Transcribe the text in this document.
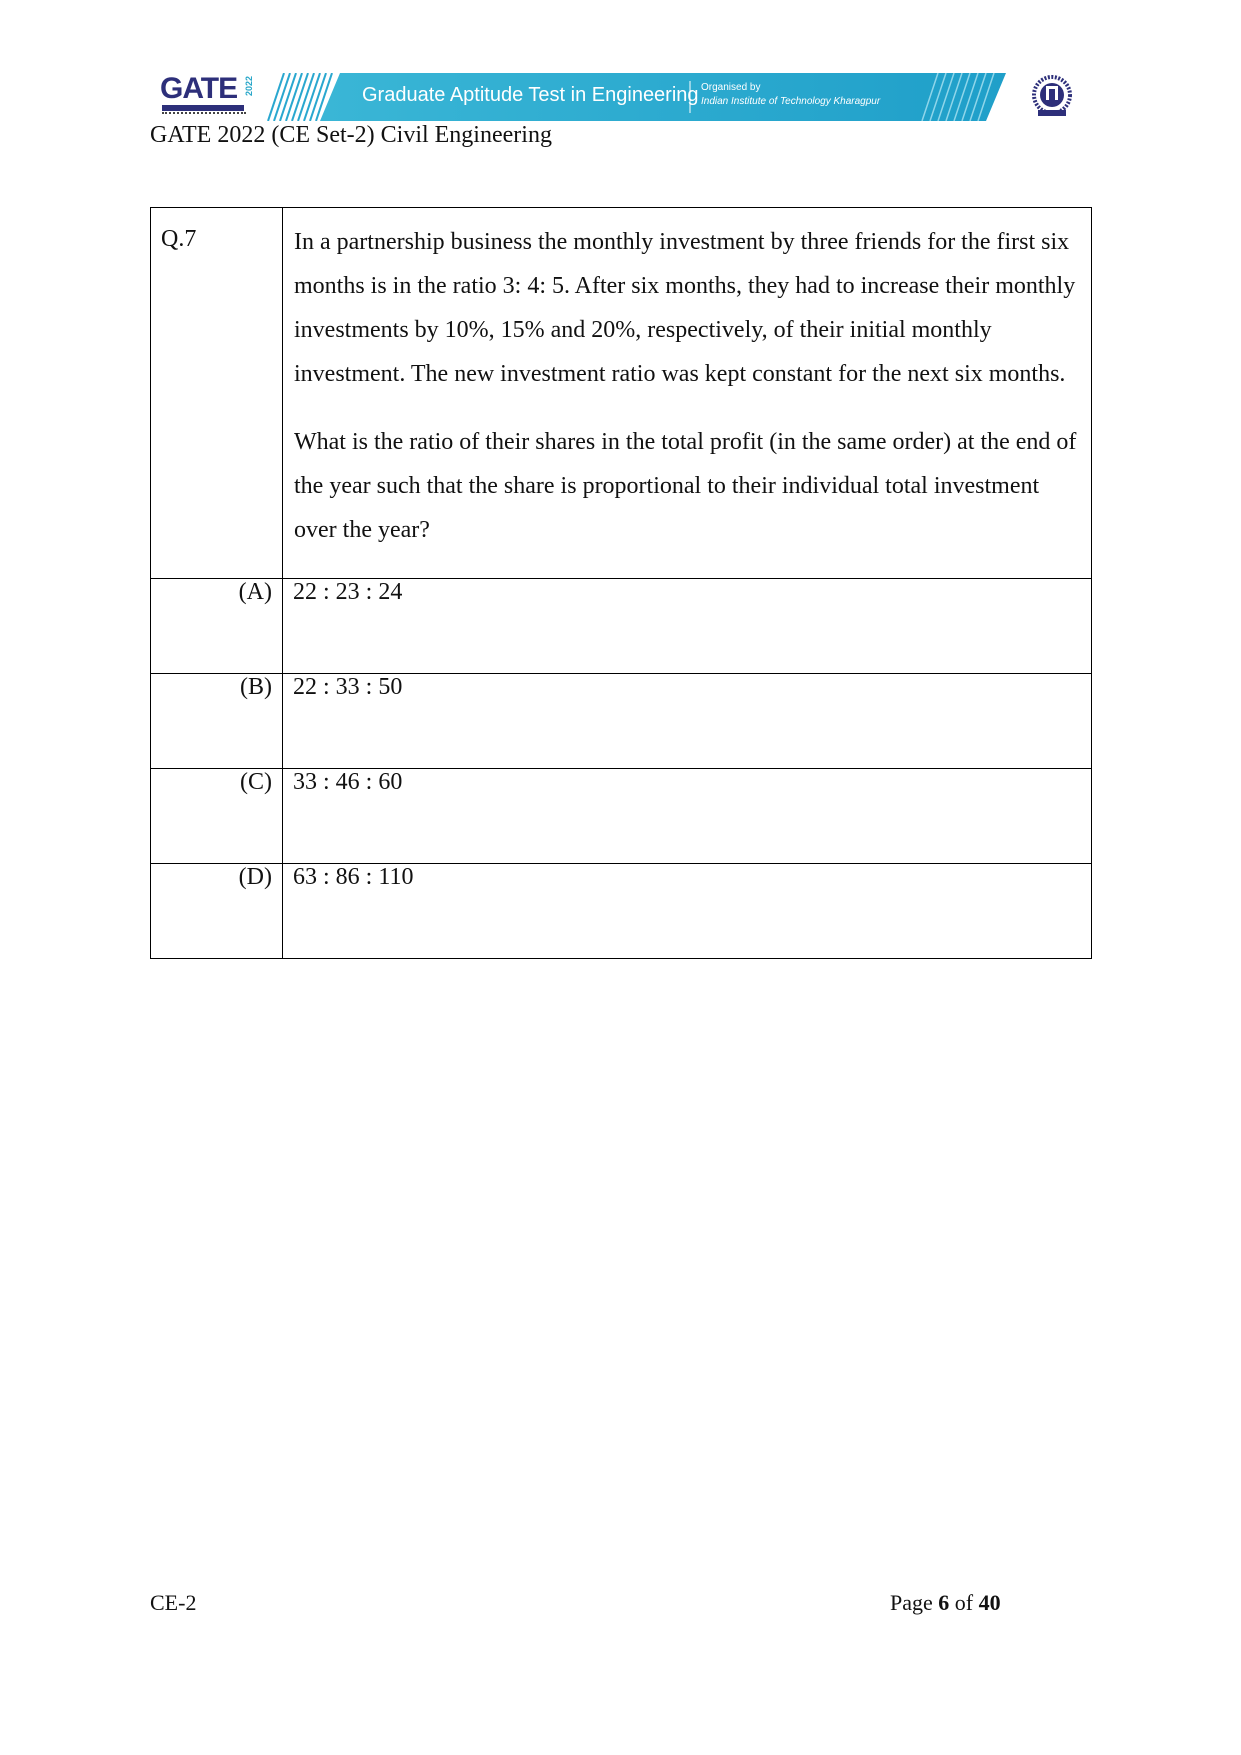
GATE 2022	Graduate Aptitude Test in Engineering Organised by
Indian Institute of Technology Kharagpur
GATE 2022 (CE Set-2) Civil Engineering
Q.7	In a partnership business the monthly investment by three friends for the first six months is in the ratio 3: 4: 5. After six months, they had to increase their monthly investments by 10%, 15% and 20%, respectively, of their initial monthly investment. The new investment ratio was kept constant for the next six months.

What is the ratio of their shares in the total profit (in the same order) at the end of the year such that the share is proportional to their individual total investment over the year?

(A)	22 : 23 : 24
(B)	22 : 33 : 50
(C)	33 : 46 : 60
(D)	63 : 86 : 110
CE-2	Page 6 of 40
